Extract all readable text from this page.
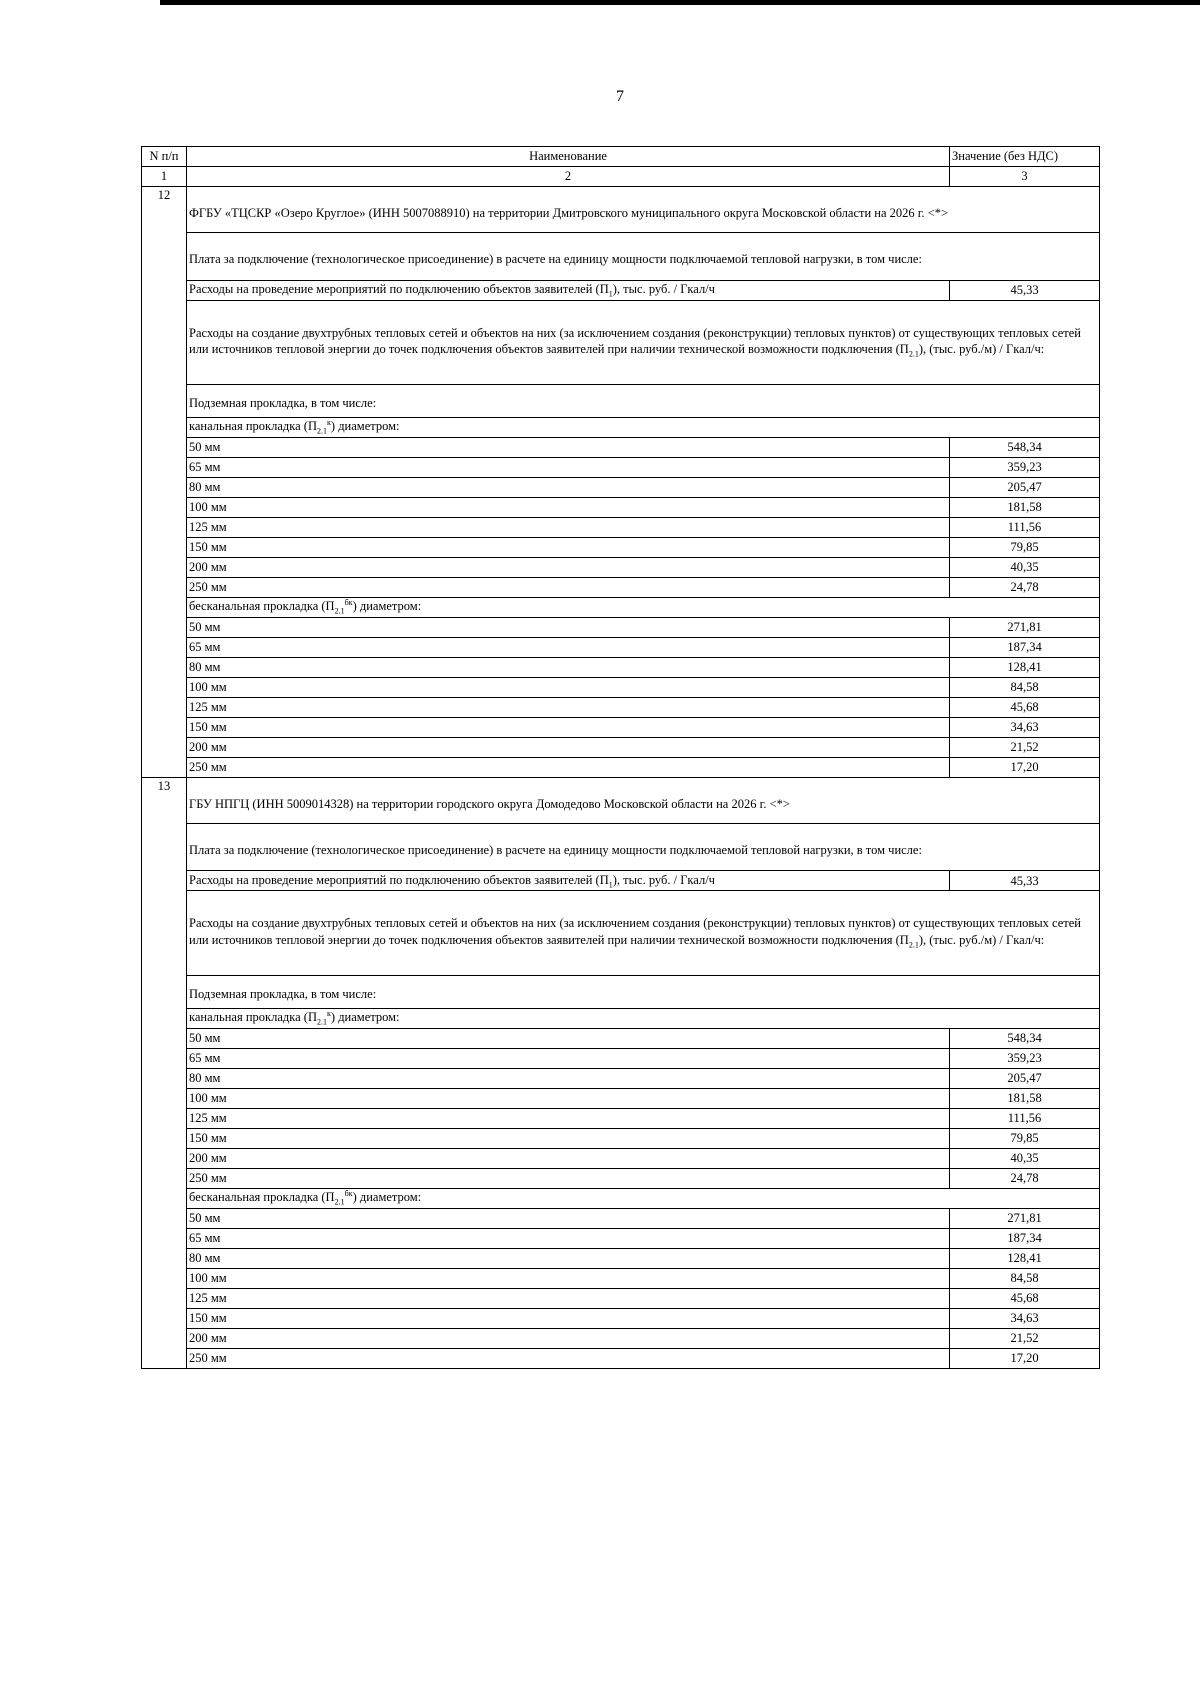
7
N п/п	Наименование	Значение (без НДС)
1	2	3
12	ФГБУ «ТЦСКР «Озеро Круглое» (ИНН 5007088910) на территории Дмитровского муниципального округа Московской области на 2026 г. <*>	
	Плата за подключение (технологическое присоединение) в расчете на единицу мощности подключаемой тепловой нагрузки, в том числе:	
	Расходы на проведение мероприятий по подключению объектов заявителей $(П_1)$, тыс. руб. / Гкал/ч	45,33
	Расходы на создание двухтрубных тепловых сетей и объектов на них (за исключением создания (реконструкции) тепловых пунктов) от существующих тепловых сетей или источников тепловой энергии до точек подключения объектов заявителей при наличии технической возможности подключения $(П_{2.1})$, (тыс. руб./м) / Гкал/ч:	
	Подземная прокладка, в том числе:	
	канальная прокладка $(П_{2.1}^к)$ диаметром:	
	50 мм	548,34
	65 мм	359,23
	80 мм	205,47
	100 мм	181,58
	125 мм	111,56
	150 мм	79,85
	200 мм	40,35
	250 мм	24,78
	бесканальная прокладка $(П_{2.1}^{бк})$ диаметром:	
	50 мм	271,81
	65 мм	187,34
	80 мм	128,41
	100 мм	84,58
	125 мм	45,68
	150 мм	34,63
	200 мм	21,52
	250 мм	17,20
13	ГБУ НПГЦ (ИНН 5009014328) на территории городского округа Домодедово Московской области на 2026 г. <*>	
	Плата за подключение (технологическое присоединение) в расчете на единицу мощности подключаемой тепловой нагрузки, в том числе:	
	Расходы на проведение мероприятий по подключению объектов заявителей $(П_1)$, тыс. руб. / Гкал/ч	45,33
	Расходы на создание двухтрубных тепловых сетей и объектов на них (за исключением создания (реконструкции) тепловых пунктов) от существующих тепловых сетей или источников тепловой энергии до точек подключения объектов заявителей при наличии технической возможности подключения $(П_{2.1})$, (тыс. руб./м) / Гкал/ч:	
	Подземная прокладка, в том числе:	
	канальная прокладка $(П_{2.1}^к)$ диаметром:	
	50 мм	548,34
	65 мм	359,23
	80 мм	205,47
	100 мм	181,58
	125 мм	111,56
	150 мм	79,85
	200 мм	40,35
	250 мм	24,78
	бесканальная прокладка $(П_{2.1}^{бк})$ диаметром:	
	50 мм	271,81
	65 мм	187,34
	80 мм	128,41
	100 мм	84,58
	125 мм	45,68
	150 мм	34,63
	200 мм	21,52
	250 мм	17,20
